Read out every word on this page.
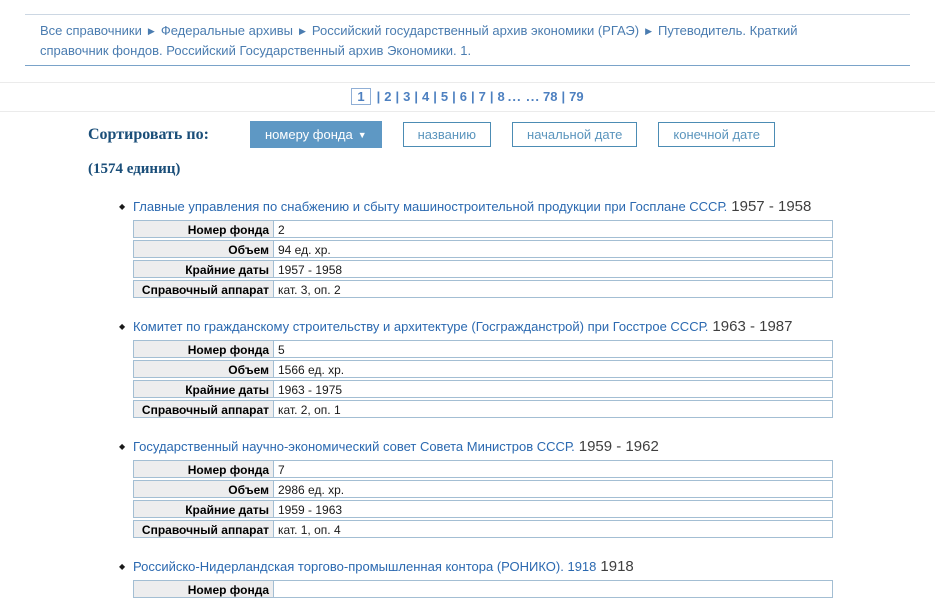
Все справочники ▶ Федеральные архивы ▶ Российский государственный архив экономики (РГАЭ) ▶ Путеводитель. Краткий справочник фондов. Российский Государственный архив Экономики. 1.
1 | 2 | 3 | 4 | 5 | 6 | 7 | 8 ... ... 78 | 79
Сортировать по:	номеру фонда ▼	названию	начальной дате	конечной дате
(1574 единиц)
◆ Главные управления по снабжению и сбыту машиностроительной продукции при Госплане СССР. 1957 - 1958
Номер фонда 2
Объем 94 ед. хр.
Крайние даты 1957 - 1958
Справочный аппарат кат. 3, оп. 2
◆ Комитет по гражданскому строительству и архитектуре (Госгражданстрой) при Госстрое СССР. 1963 - 1987
Номер фонда 5
Объем 1566 ед. хр.
Крайние даты 1963 - 1975
Справочный аппарат кат. 2, оп. 1
◆ Государственный научно-экономический совет Совета Министров СССР. 1959 - 1962
Номер фонда 7
Объем 2986 ед. хр.
Крайние даты 1959 - 1963
Справочный аппарат кат. 1, оп. 4
◆ Российско-Нидерландская торгово-промышленная контора (РОНИКО). 1918 1918
Номер фонда
